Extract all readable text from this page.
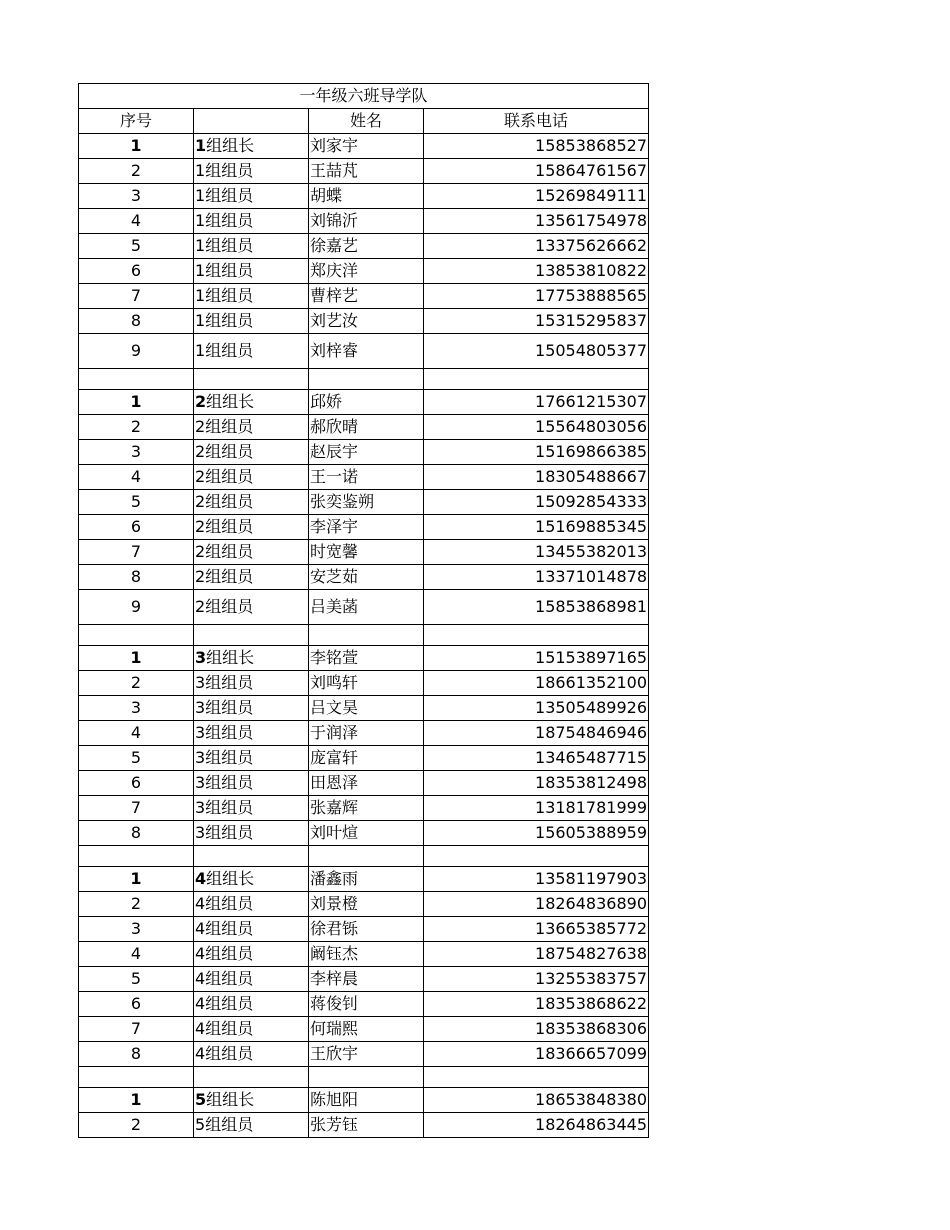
一年级六班导学队			
序号		姓名	联系电话
1	1组组长	刘家宇	15853868527
2	1组组员	王喆芃	15864761567
3	1组组员	胡蝶	15269849111
4	1组组员	刘锦沂	13561754978
5	1组组员	徐嘉艺	13375626662
6	1组组员	郑庆洋	13853810822
7	1组组员	曹梓艺	17753888565
8	1组组员	刘艺汝	15315295837
9	1组组员	刘梓睿	15054805377

1	2组组长	邱娇	17661215307
2	2组组员	郝欣晴	15564803056
3	2组组员	赵辰宇	15169866385
4	2组组员	王一诺	18305488667
5	2组组员	张奕鉴朔	15092854333
6	2组组员	李泽宇	15169885345
7	2组组员	时宽馨	13455382013
8	2组组员	安芝茹	13371014878
9	2组组员	吕美菡	15853868981

1	3组组长	李铭萱	15153897165
2	3组组员	刘鸣轩	18661352100
3	3组组员	吕文昊	13505489926
4	3组组员	于润泽	18754846946
5	3组组员	庞富轩	13465487715
6	3组组员	田恩泽	18353812498
7	3组组员	张嘉辉	13181781999
8	3组组员	刘叶煊	15605388959

1	4组组长	潘鑫雨	13581197903
2	4组组员	刘景橙	18264836890
3	4组组员	徐君铄	13665385772
4	4组组员	阚钰杰	18754827638
5	4组组员	李梓晨	13255383757
6	4组组员	蒋俊钊	18353868622
7	4组组员	何瑞熙	18353868306
8	4组组员	王欣宇	18366657099

1	5组组长	陈旭阳	18653848380
2	5组组员	张芳钰	18264863445
